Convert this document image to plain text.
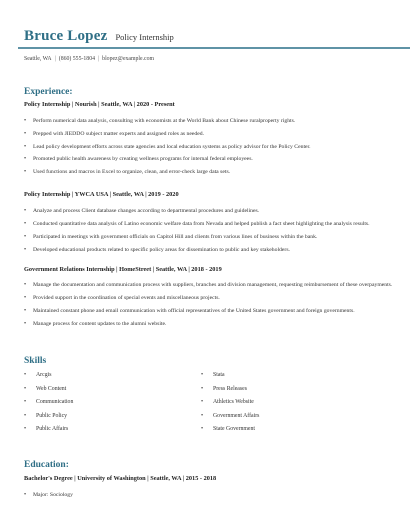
Bruce Lopez Policy Internship
Seattle, WA | (860) 555-1804 | blopez@example.com
Experience:
Policy Internship | Nourish | Seattle, WA | 2020 - Present
• Perform numerical data analysis, consulting with economists at the World Bank about Chinese ruralproperty rights.
• Prepped with JIEDDO subject matter experts and assigned roles as needed.
• Lead policy development efforts across state agencies and local education systems as policy advisor for the Policy Center.
• Promoted public health awareness by creating wellness programs for internal federal employees.
• Used functions and macros in Excel to organize, clean, and error-check large data sets.
Policy Internship | YWCA USA | Seattle, WA | 2019 - 2020
• Analyze and process Client database changes according to departmental procedures and guidelines.
• Conducted quantitative data analysis of Latino economic welfare data from Nevada and helped publish a fact sheet highlighting the analysis results.
• Participated in meetings with government officials on Capitol Hill and clients from various lines of business within the bank.
• Developed educational products related to specific policy areas for dissemination to public and key stakeholders.
Government Relations Internship | HomeStreet | Seattle, WA | 2018 - 2019
• Manage the documentation and communication process with suppliers, branches and division management, requesting reimbursement of these overpayments.
• Provided support in the coordination of special events and miscellaneous projects.
• Maintained constant phone and email communication with official representatives of the United States government and foreign governments.
• Manage process for content updates to the alumni website.
Skills
• Arcgis
• Web Content
• Communication
• Public Policy
• Public Affairs
• Stata
• Press Releases
• Athletics Website
• Government Affairs
• State Government
Education:
Bachelor's Degree | University of Washington | Seattle, WA | 2015 - 2018
• Major: Sociology
